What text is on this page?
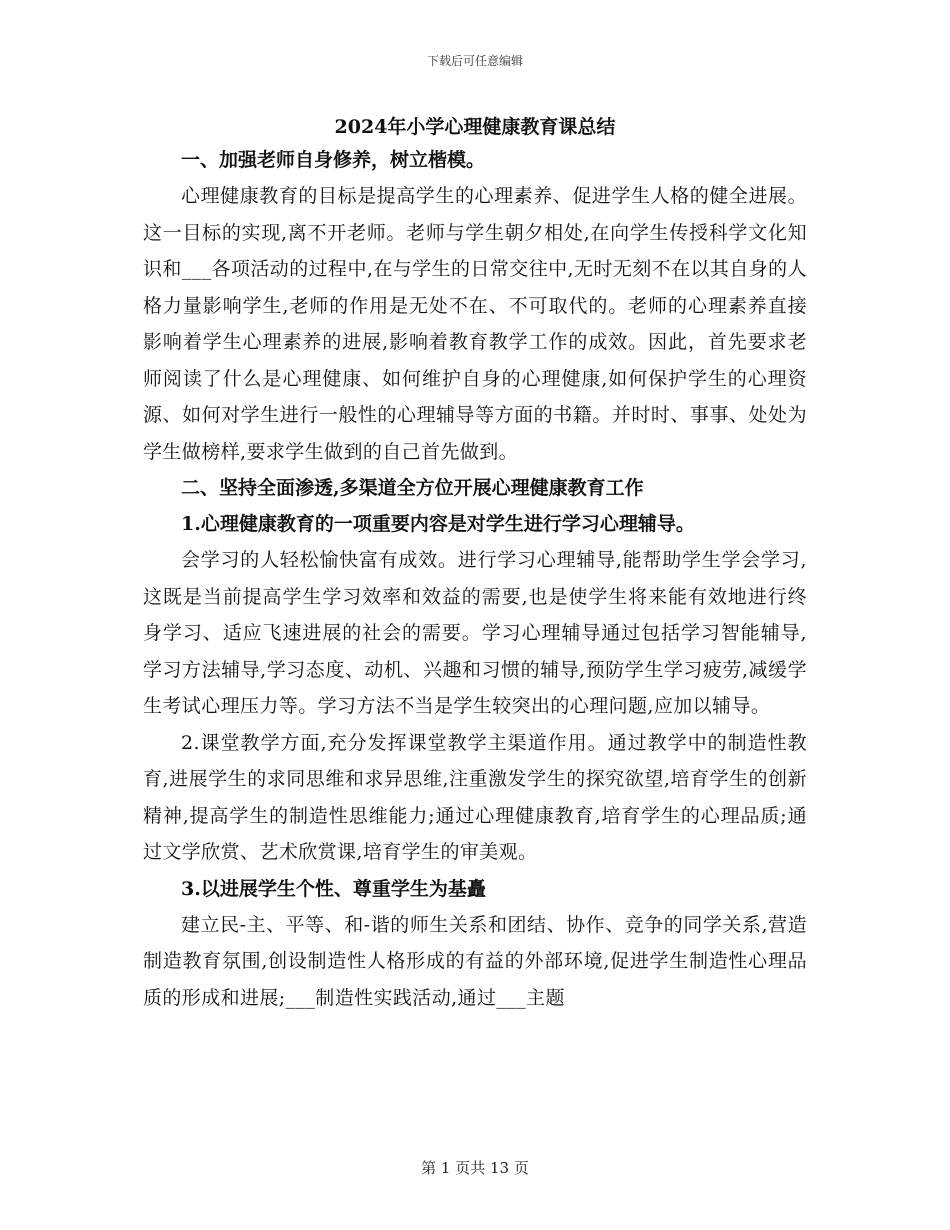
下载后可任意编辑
2024年小学心理健康教育课总结
一、加强老师自身修养，树立楷模。
心理健康教育的目标是提高学生的心理素养、促进学生人格的健全进展。这一目标的实现,离不开老师。老师与学生朝夕相处,在向学生传授科学文化知识和___各项活动的过程中,在与学生的日常交往中,无时无刻不在以其自身的人格力量影响学生,老师的作用是无处不在、不可取代的。老师的心理素养直接影响着学生心理素养的进展,影响着教育教学工作的成效。因此，首先要求老师阅读了什么是心理健康、如何维护自身的心理健康,如何保护学生的心理资源、如何对学生进行一般性的心理辅导等方面的书籍。并时时、事事、处处为学生做榜样,要求学生做到的自己首先做到。
二、坚持全面渗透,多渠道全方位开展心理健康教育工作
1.心理健康教育的一项重要内容是对学生进行学习心理辅导。
会学习的人轻松愉快富有成效。进行学习心理辅导,能帮助学生学会学习,这既是当前提高学生学习效率和效益的需要,也是使学生将来能有效地进行终身学习、适应飞速进展的社会的需要。学习心理辅导通过包括学习智能辅导,学习方法辅导,学习态度、动机、兴趣和习惯的辅导,预防学生学习疲劳,减缓学生考试心理压力等。学习方法不当是学生较突出的心理问题,应加以辅导。
2.课堂教学方面,充分发挥课堂教学主渠道作用。通过教学中的制造性教育,进展学生的求同思维和求异思维,注重激发学生的探究欲望,培育学生的创新精神,提高学生的制造性思维能力;通过心理健康教育,培育学生的心理品质;通过文学欣赏、艺术欣赏课,培育学生的审美观。
3.以进展学生个性、尊重学生为基矗
建立民-主、平等、和-谐的师生关系和团结、协作、竞争的同学关系,营造制造教育氛围,创设制造性人格形成的有益的外部环境,促进学生制造性心理品质的形成和进展;___制造性实践活动,通过___主题
第 1 页共 13 页
